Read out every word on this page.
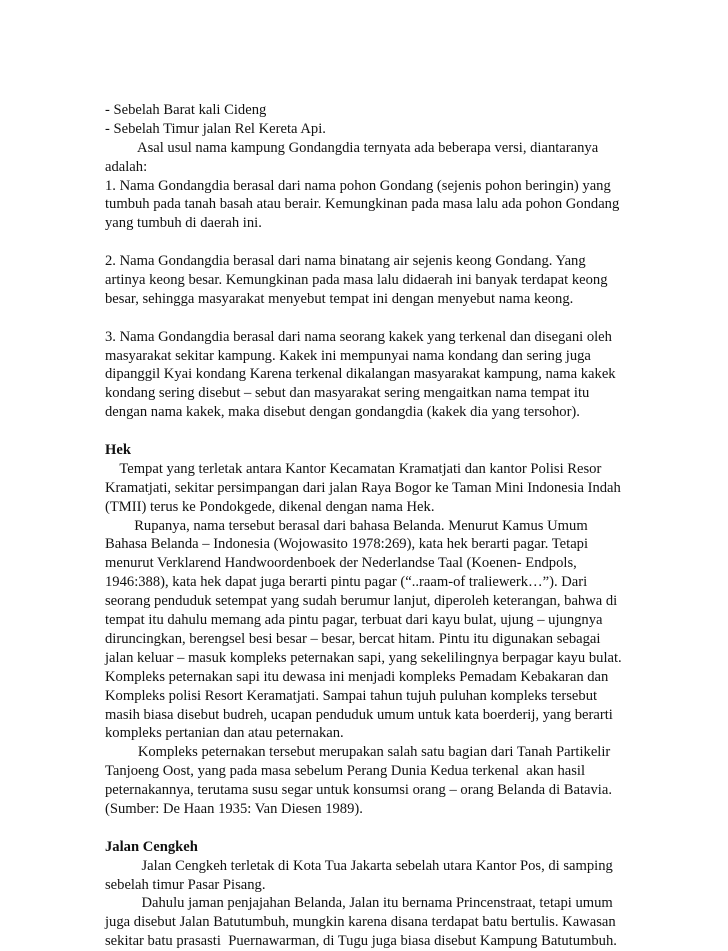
- Sebelah Barat kali Cideng
- Sebelah Timur jalan Rel Kereta Api.
Asal usul nama kampung Gondangdia ternyata ada beberapa versi, diantaranya
adalah:
1. Nama Gondangdia berasal dari nama pohon Gondang (sejenis pohon beringin) yang
tumbuh pada tanah basah atau berair. Kemungkinan pada masa lalu ada pohon Gondang
yang tumbuh di daerah ini.
2. Nama Gondangdia berasal dari nama binatang air sejenis keong Gondang. Yang
artinya keong besar. Kemungkinan pada masa lalu didaerah ini banyak terdapat keong
besar, sehingga masyarakat menyebut tempat ini dengan menyebut nama keong.
3. Nama Gondangdia berasal dari nama seorang kakek yang terkenal dan disegani oleh
masyarakat sekitar kampung. Kakek ini mempunyai nama kondang dan sering juga
dipanggil Kyai kondang Karena terkenal dikalangan masyarakat kampung, nama kakek
kondang sering disebut – sebut dan masyarakat sering mengaitkan nama tempat itu
dengan nama kakek, maka disebut dengan gondangdia (kakek dia yang tersohor).
Hek
Tempat yang terletak antara Kantor Kecamatan Kramatjati dan kantor Polisi Resor
Kramatjati, sekitar persimpangan dari jalan Raya Bogor ke Taman Mini Indonesia Indah
(TMII) terus ke Pondokgede, dikenal dengan nama Hek.
Rupanya, nama tersebut berasal dari bahasa Belanda. Menurut Kamus Umum
Bahasa Belanda – Indonesia (Wojowasito 1978:269), kata hek berarti pagar. Tetapi
menurut Verklarend Handwoordenboek der Nederlandse Taal (Koenen- Endpols,
1946:388), kata hek dapat juga berarti pintu pagar (“..raam-of traliewerk…”). Dari
seorang penduduk setempat yang sudah berumur lanjut, diperoleh keterangan, bahwa di
tempat itu dahulu memang ada pintu pagar, terbuat dari kayu bulat, ujung – ujungnya
diruncingkan, berengsel besi besar – besar, bercat hitam. Pintu itu digunakan sebagai
jalan keluar – masuk kompleks peternakan sapi, yang sekelilingnya berpagar kayu bulat.
Kompleks peternakan sapi itu dewasa ini menjadi kompleks Pemadam Kebakaran dan
Kompleks polisi Resort Keramatjati. Sampai tahun tujuh puluhan kompleks tersebut
masih biasa disebut budreh, ucapan penduduk umum untuk kata boerderij, yang berarti
kompleks pertanian dan atau peternakan.
Kompleks peternakan tersebut merupakan salah satu bagian dari Tanah Partikelir
Tanjoeng Oost, yang pada masa sebelum Perang Dunia Kedua terkenal  akan hasil
peternakannya, terutama susu segar untuk konsumsi orang – orang Belanda di Batavia.
(Sumber: De Haan 1935: Van Diesen 1989).
Jalan Cengkeh
Jalan Cengkeh terletak di Kota Tua Jakarta sebelah utara Kantor Pos, di samping
sebelah timur Pasar Pisang.
Dahulu jaman penjajahan Belanda, Jalan itu bernama Princenstraat, tetapi umum
juga disebut Jalan Batutumbuh, mungkin karena disana terdapat batu bertulis. Kawasan
sekitar batu prasasti  Puernawarman, di Tugu juga biasa disebut Kampung Batutumbuh.
